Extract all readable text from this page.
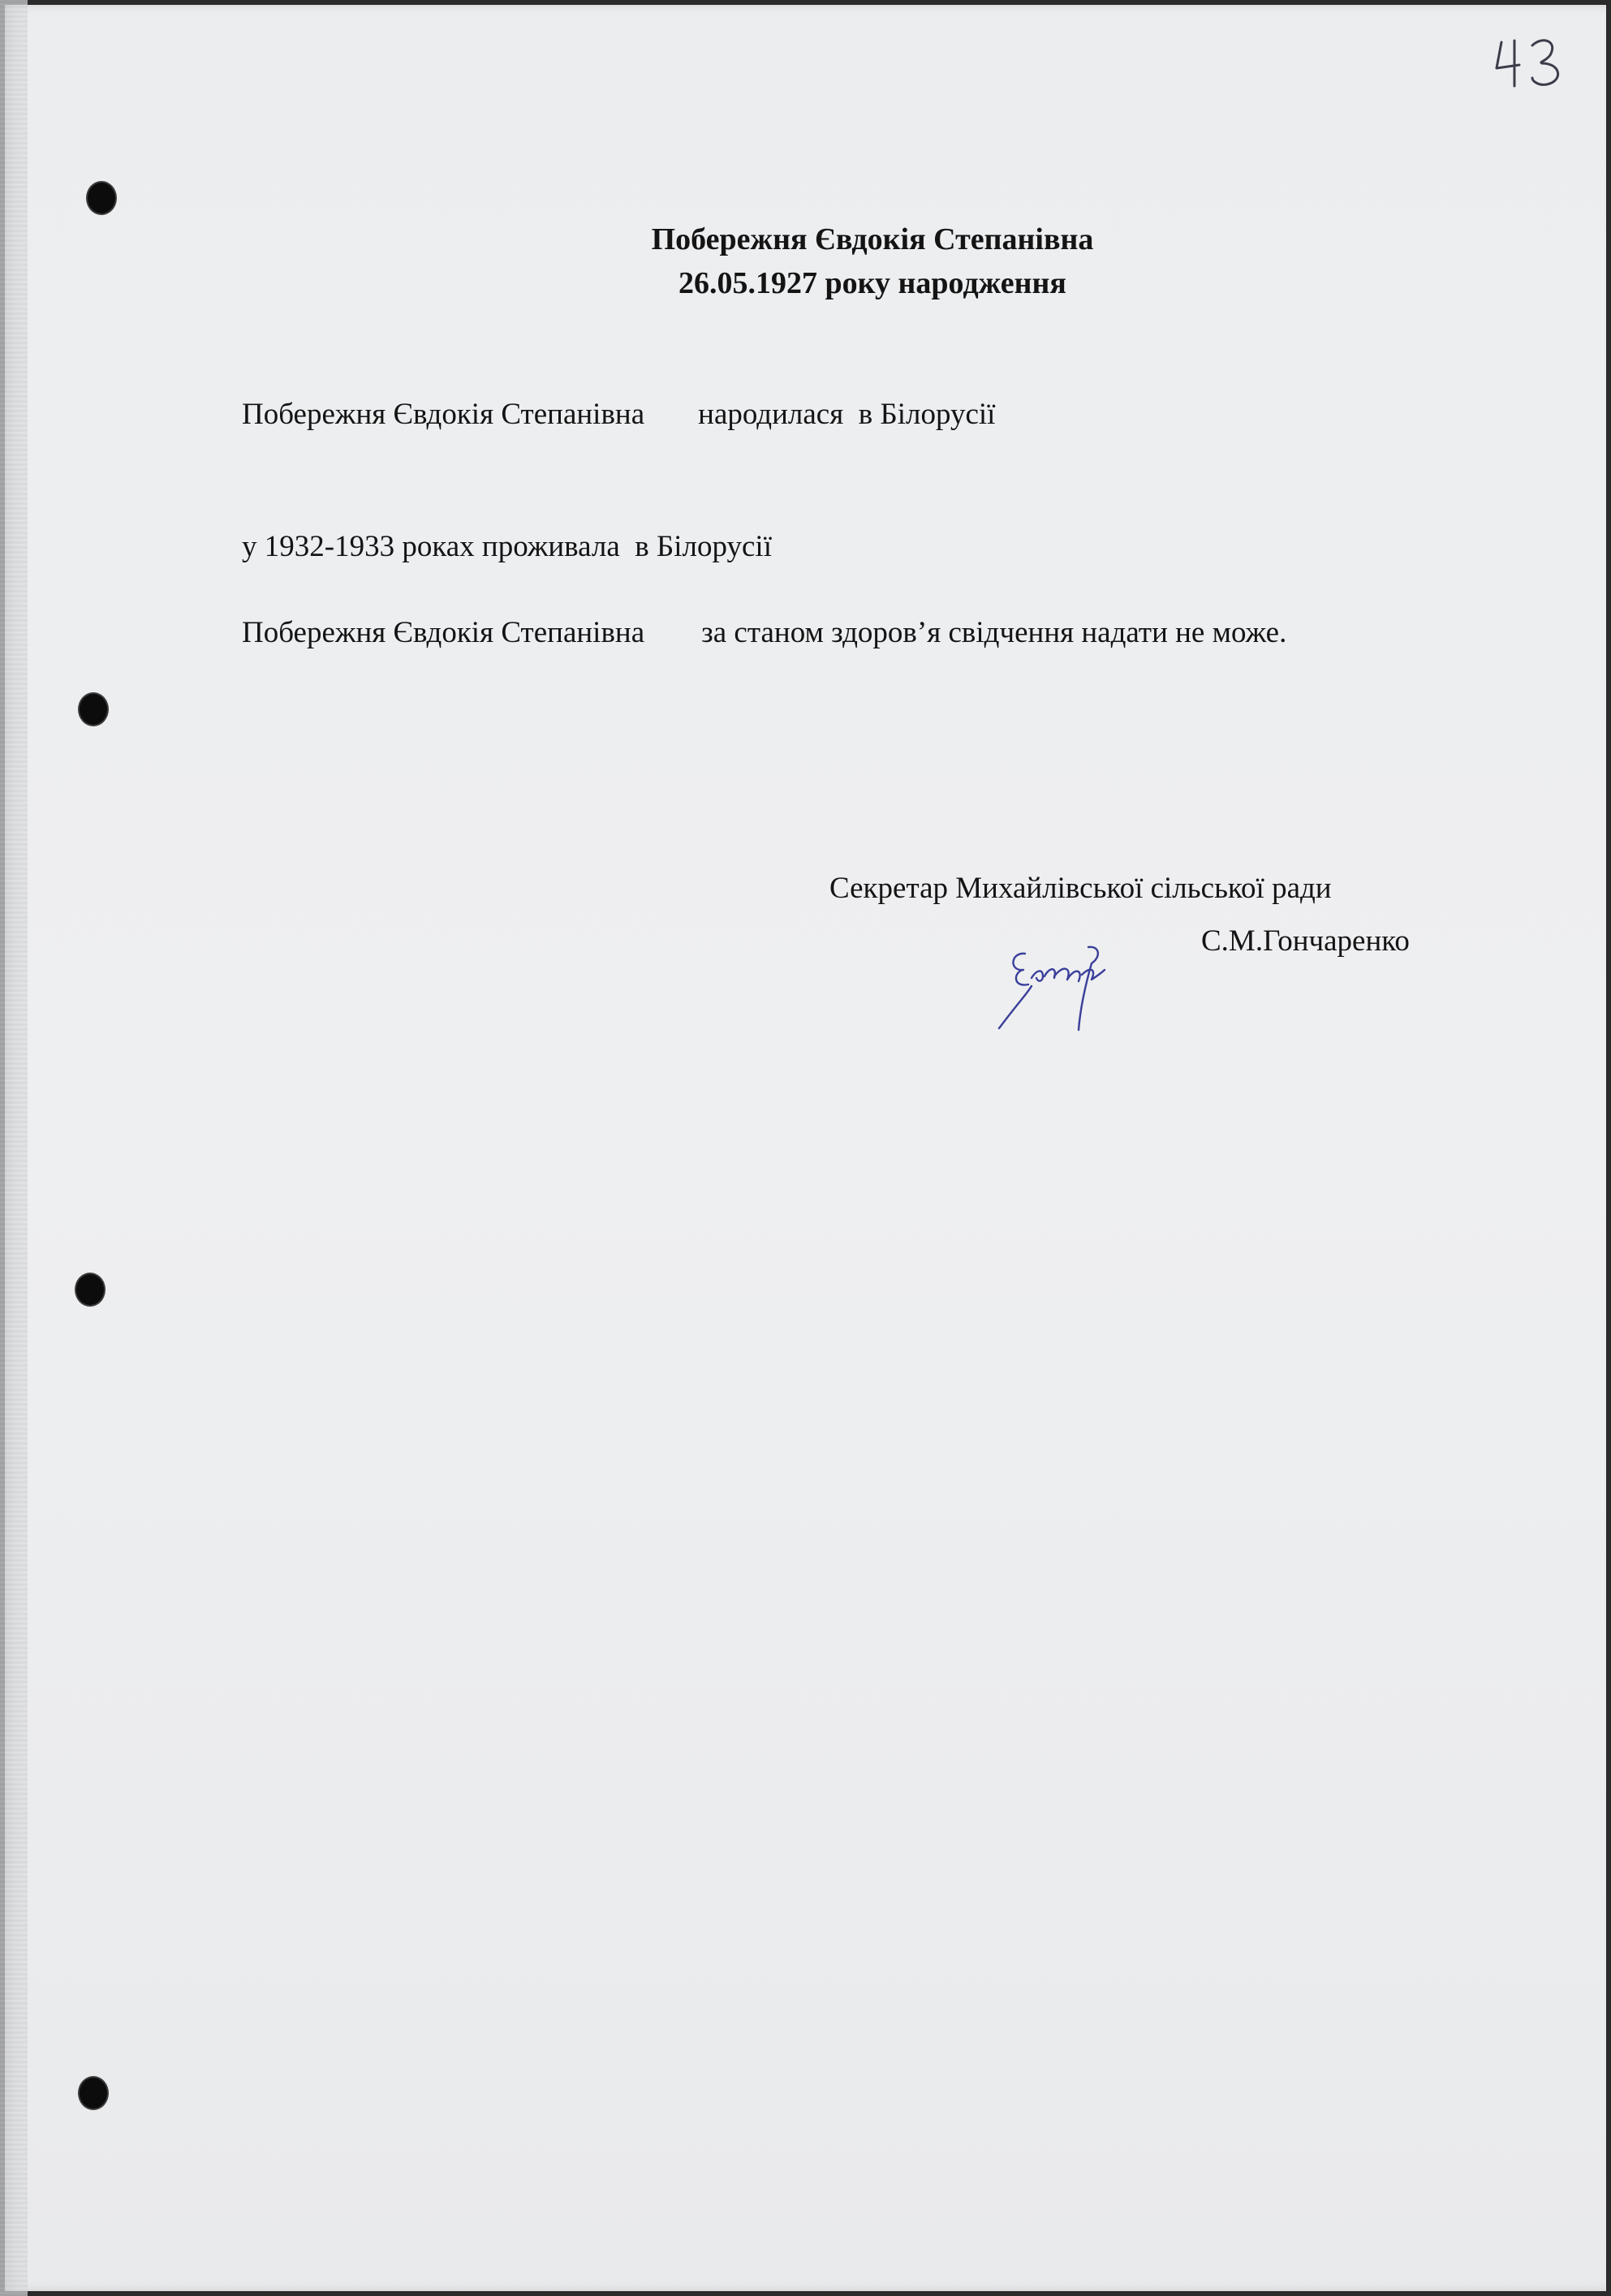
Побережня Євдокія Степанівна
26.05.1927 року народження
Побережня Євдокія Степанівна народилася  в Білорусії
у 1932-1933 роках проживала  в Білорусії
Побережня Євдокія Степанівна за станом здоров’я свідчення надати не може.
Секретар Михайлівської сільської ради
С.М.Гончаренко
